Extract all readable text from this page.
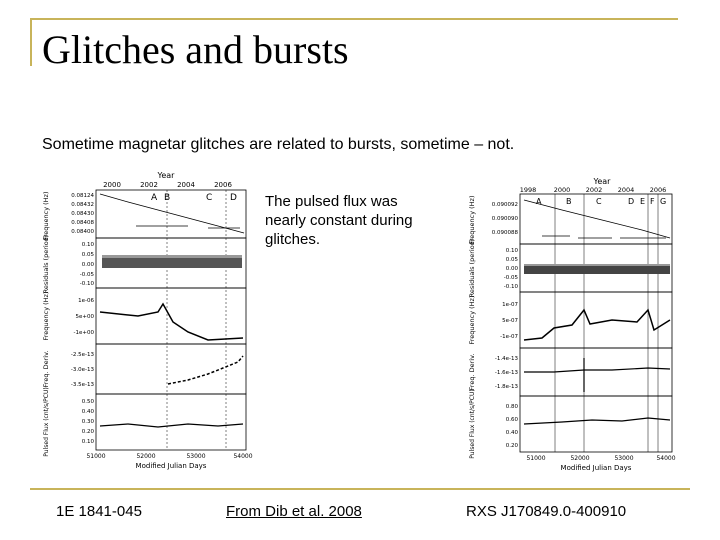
Glitches and bursts
Sometime magnetar glitches are related to bursts, sometime – not.
The pulsed flux was nearly constant during glitches.
Year
2000	2002	2004	2006
A B	C D
Frequency (Hz)
Residuals (period)
Frequency (Hz)
Freq. Deriv.
Pulsed Flux (cnt/s/PCU)
0.08124
0.08432
0.08430
0.08408
0.08400
0.10
0.05
0.00
-0.05
-0.10
1e-06
5e+00
-1e+00
-2.5e-13
-3.0e-13
-3.5e-13
0.50
0.40
0.30
0.20
0.10
51000	52000	53000	54000
Modified Julian Days
Year
1998	2000 2002 2004 2006
A	B	C	D E F G
Frequency (Hz)
Residuals (period)
Frequency (Hz)
Freq. Deriv.
Pulsed Flux (cnt/s/PCU)
0.090092
0.090090
0.090088
0.10
0.05
0.00
-0.05
-0.10
1e-07
5e-07
-1e-07
-1.4e-13
-1.6e-13
-1.8e-13
0.80
0.60
0.40
0.20
51000	52000	53000	54000
Modified Julian Days
1E 1841-045	From Dib et al. 2008	RXS J170849.0-400910
